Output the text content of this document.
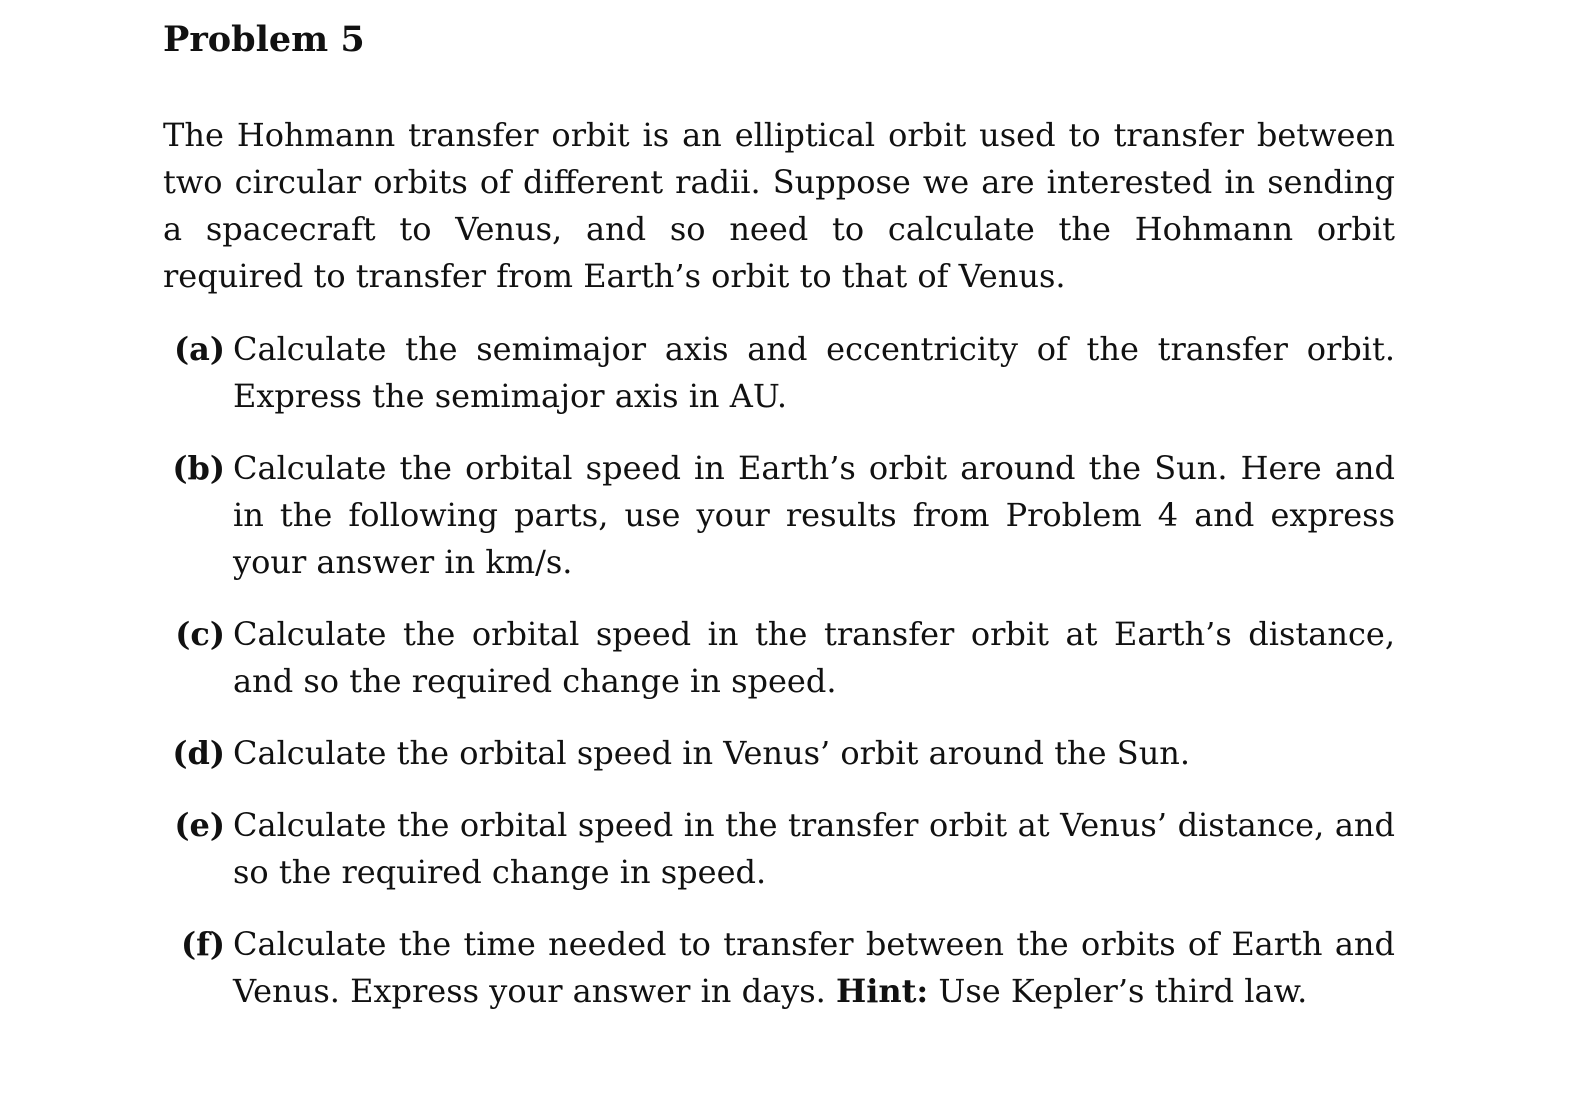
Problem 5

The Hohmann transfer orbit is an elliptical orbit used to transfer between two circular orbits of different radii. Suppose we are interested in sending a spacecraft to Venus, and so need to calculate the Hohmann orbit required to transfer from Earth’s orbit to that of Venus.

(a) Calculate the semimajor axis and eccentricity of the transfer orbit. Express the semimajor axis in AU.
(b) Calculate the orbital speed in Earth’s orbit around the Sun. Here and in the following parts, use your results from Problem 4 and express your answer in km/s.
(c) Calculate the orbital speed in the transfer orbit at Earth’s distance, and so the required change in speed.
(d) Calculate the orbital speed in Venus’ orbit around the Sun.
(e) Calculate the orbital speed in the transfer orbit at Venus’ distance, and so the required change in speed.
(f) Calculate the time needed to transfer between the orbits of Earth and Venus. Express your answer in days. Hint: Use Kepler’s third law.
